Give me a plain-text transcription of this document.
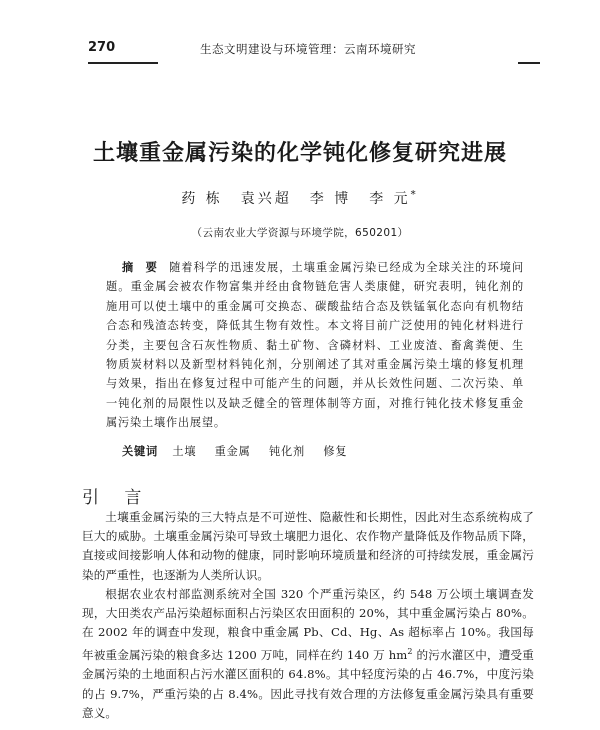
270	生态文明建设与环境管理：云南环境研究
土壤重金属污染的化学钝化修复研究进展
药 栋 袁兴超 李 博 李 元*
（云南农业大学资源与环境学院，650201）
摘 要 随着科学的迅速发展，土壤重金属污染已经成为全球关注的环境问题。重金属会被农作物富集并经由食物链危害人类康健，研究表明，钝化剂的施用可以使土壤中的重金属可交换态、碳酸盐结合态及铁锰氧化态向有机物结合态和残渣态转变，降低其生物有效性。本文将目前广泛使用的钝化材料进行分类，主要包含石灰性物质、黏土矿物、含磷材料、工业废渣、畜禽粪便、生物质炭材料以及新型材料钝化剂，分别阐述了其对重金属污染土壤的修复机理与效果，指出在修复过程中可能产生的问题，并从长效性问题、二次污染、单一钝化剂的局限性以及缺乏健全的管理体制等方面，对推行钝化技术修复重金属污染土壤作出展望。
关键词 土壤 重金属 钝化剂 修复
引 言

土壤重金属污染的三大特点是不可逆性、隐蔽性和长期性，因此对生态系统构成了巨大的威胁。土壤重金属污染可导致土壤肥力退化、农作物产量降低及作物品质下降，直接或间接影响人体和动物的健康，同时影响环境质量和经济的可持续发展，重金属污染的严重性，也逐渐为人类所认识。

根据农业农村部监测系统对全国 320 个严重污染区，约 548 万公顷土壤调查发现，大田类农产品污染超标面积占污染区农田面积的 20%，其中重金属污染占 80%。在 2002 年的调查中发现，粮食中重金属 Pb、Cd、Hg、As 超标率占 10%。我国每年被重金属污染的粮食多达 1200 万吨，同样在约 140 万 $hm^2$ 的污水灌区中，遭受重金属污染的土地面积占污水灌区面积的 64.8%。其中轻度污染的占 46.7%，中度污染的占 9.7%，严重污染的占 8.4%。因此寻找有效合理的方法修复重金属污染具有重要意义。
